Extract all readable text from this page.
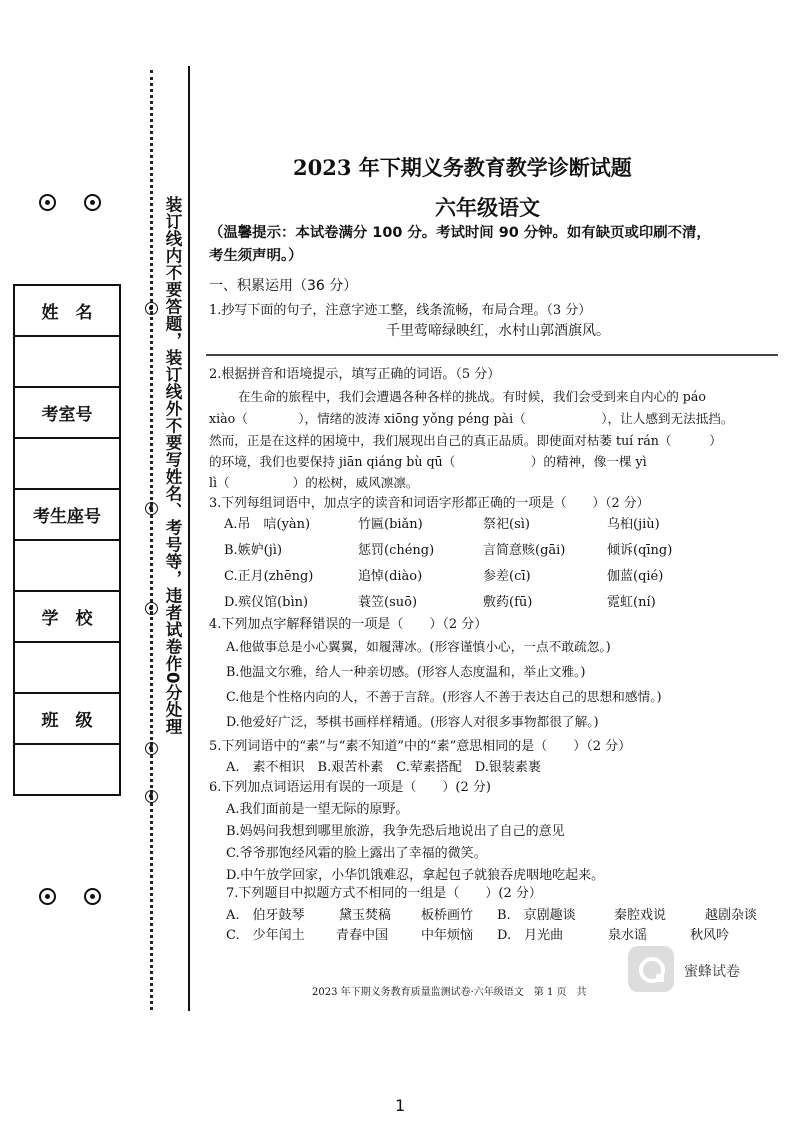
姓　名

考室号

考生座号

学　校

班　级	装订线内不要答题，装订线外不要写姓名、考号等，违者试卷作0分处理
2023 年下期义务教育教学诊断试题
六年级语文
（温馨提示：本试卷满分 100 分。考试时间 90 分钟。如有缺页或印刷不清，
考生须声明。）
一、积累运用（36 分）
1.抄写下面的句子，注意字迹工整，线条流畅，布局合理。（3 分）
千里莺啼绿映红，水村山郭酒旗风。
2.根据拼音和语境提示，填写正确的词语。（5 分）
在生命的旅程中，我们会遭遇各种各样的挑战。有时候，我们会受到来自内心的 páo
xiào（　　　　），情绪的波涛 xiōng yǒng péng pài（　　　　　　），让人感到无法抵挡。
然而，正是在这样的困境中，我们展现出自己的真正品质。即使面对枯萎 tuí rán（　　　）
的环境，我们也要保持 jiān qiáng bù qū（　　　　　　）的精神，像一棵 yì
lì（　　　　　）的松树，威风凛凛。
3.下列每组词语中，加点字的读音和词语字形都正确的一项是（　　）（2 分）
A.吊　唁(yàn)	竹匾(biǎn)	祭祀(sì)	乌桕(jiù)
B.嫉妒(jì)	惩罚(chéng)	言简意赅(gāi)	倾诉(qīng)
C.正月(zhēng)	追悼(diào)	参差(cī)	伽蓝(qié)
D.殡仪馆(bìn)	蓑笠(suō)	敷药(fū)	霓虹(ní)
4.下列加点字解释错误的一项是（　　）（2 分）
A.他做事总是小心翼翼，如履薄冰。(形容谨慎小心，一点不敢疏忽。)
B.他温文尔雅，给人一种亲切感。(形容人态度温和，举止文雅。)
C.他是个性格内向的人，不善于言辞。(形容人不善于表达自己的思想和感情。)
D.他爱好广泛，琴棋书画样样精通。(形容人对很多事物都很了解。)
5.下列词语中的“素”与“素不知道”中的“素”意思相同的是（　　）（2 分）
A.　素不相识　B.艰苦朴素　C.荤素搭配　D.银装素裹
6.下列加点词语运用有误的一项是（　　）(2 分)
A.我们面前是一望无际的原野。
B.妈妈问我想到哪里旅游，我争先恐后地说出了自己的意见
C.爷爷那饱经风霜的脸上露出了幸福的微笑。
D.中午放学回家，小华饥饿难忍，拿起包子就狼吞虎咽地吃起来。
7.下列题目中拟题方式不相同的一组是（　　）(2 分）
A.　伯牙鼓琴	黛玉焚稿 板桥画竹 B.　京剧趣谈	秦腔戏说	越剧杂谈
C.　少年闰土 青春中国	中年烦恼 D.　月光曲	泉水谣	秋风吟
蜜蜂试卷
2023 年下期义务教育质量监测试卷·六年级语文　第 1 页　共
1
